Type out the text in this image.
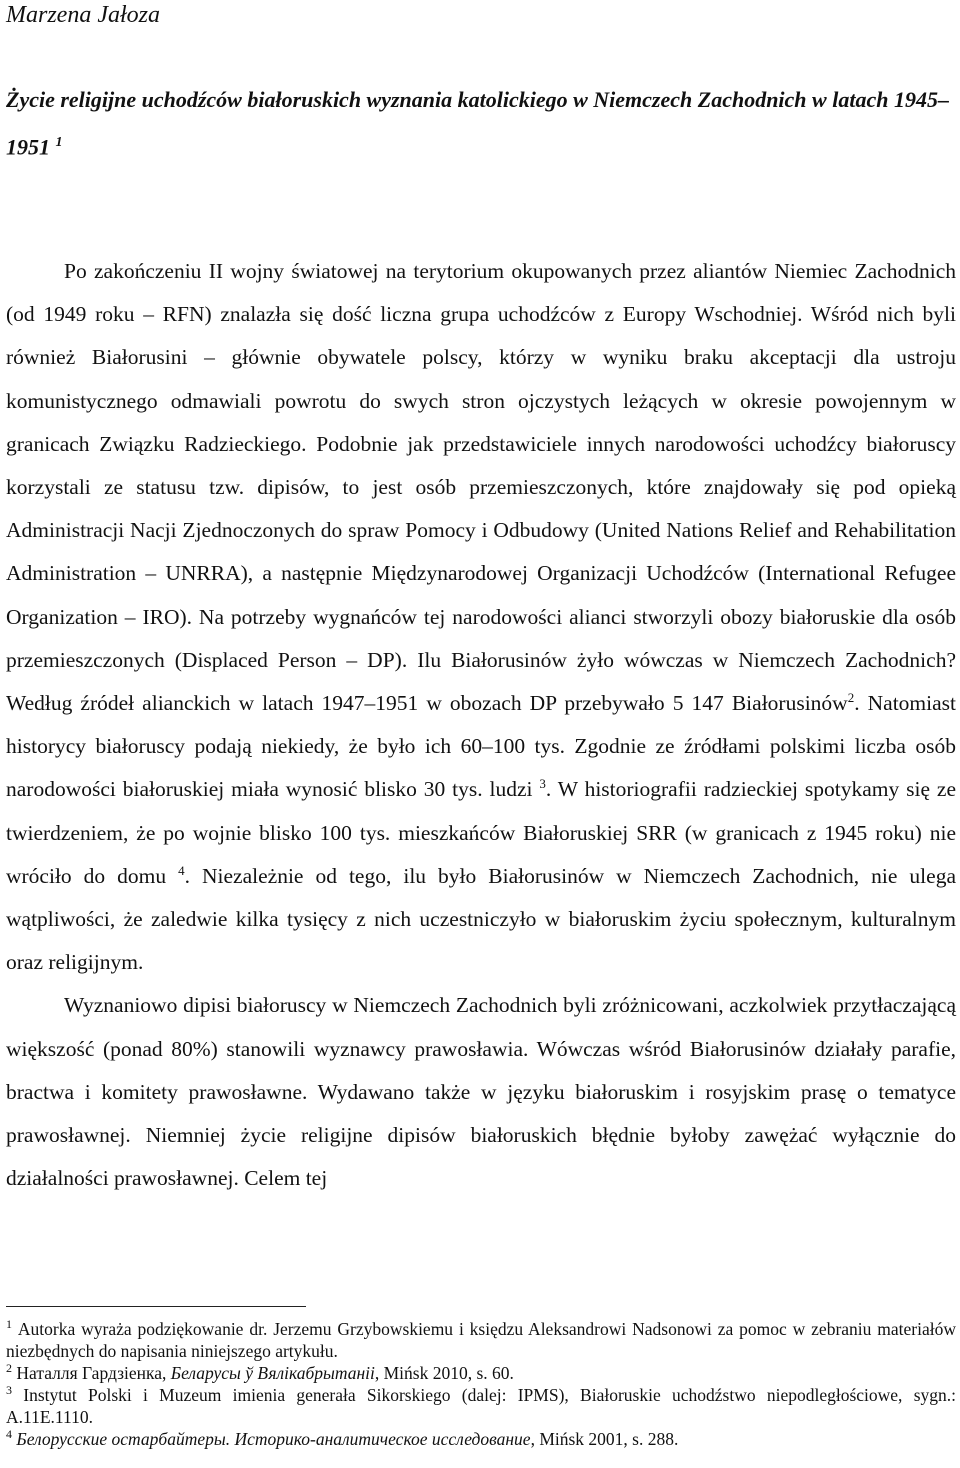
Marzena Jałoza
Życie religijne uchodźców białoruskich wyznania katolickiego w Niemczech Zachodnich w latach 1945–1951 $^1$

Po zakończeniu II wojny światowej na terytorium okupowanych przez aliantów Niemiec Zachodnich (od 1949 roku – RFN) znalazła się dość liczna grupa uchodźców z Europy Wschodniej. Wśród nich byli również Białorusini – głównie obywatele polscy, którzy w wyniku braku akceptacji dla ustroju komunistycznego odmawiali powrotu do swych stron ojczystych leżących w okresie powojennym w granicach Związku Radzieckiego. Podobnie jak przedstawiciele innych narodowości uchodźcy białoruscy korzystali ze statusu tzw. dipisów, to jest osób przemieszczonych, które znajdowały się pod opieką Administracji Nacji Zjednoczonych do spraw Pomocy i Odbudowy (United Nations Relief and Rehabilitation Administration – UNRRA), a następnie Międzynarodowej Organizacji Uchodźców (International Refugee Organization – IRO). Na potrzeby wygnańców tej narodowości alianci stworzyli obozy białoruskie dla osób przemieszczonych (Displaced Person – DP). Ilu Białorusinów żyło wówczas w Niemczech Zachodnich? Według źródeł alianckich w latach 1947–1951 w obozach DP przebywało 5 147 Białorusinów$^2$. Natomiast historycy białoruscy podają niekiedy, że było ich 60–100 tys. Zgodnie ze źródłami polskimi liczba osób narodowości białoruskiej miała wynosić blisko 30 tys. ludzi $^3$. W historiografii radzieckiej spotykamy się ze twierdzeniem, że po wojnie blisko 100 tys. mieszkańców Białoruskiej SRR (w granicach z 1945 roku) nie wróciło do domu $^4$. Niezależnie od tego, ilu było Białorusinów w Niemczech Zachodnich, nie ulega wątpliwości, że zaledwie kilka tysięcy z nich uczestniczyło w białoruskim życiu społecznym, kulturalnym oraz religijnym.

Wyznaniowo dipisi białoruscy w Niemczech Zachodnich byli zróżnicowani, aczkolwiek przytłaczającą większość (ponad 80%) stanowili wyznawcy prawosławia. Wówczas wśród Białorusinów działały parafie, bractwa i komitety prawosławne. Wydawano także w języku białoruskim i rosyjskim prasę o tematyce prawosławnej. Niemniej życie religijne dipisów białoruskich błędnie byłoby zawężać wyłącznie do działalności prawosławnej. Celem tej

$^1$ Autorka wyraża podziękowanie dr. Jerzemu Grzybowskiemu i księdzu Aleksandrowi Nadsonowi za pomoc w zebraniu materiałów niezbędnych do napisania niniejszego artykułu.

$^2$ Наталля Гардзiенка, Беларусы ў Вялiкабрытанii, Mińsk 2010, s. 60.

$^3$ Instytut Polski i Muzeum imienia generała Sikorskiego (dalej: IPMS), Białoruskie uchodźstwo niepodległościowe, sygn.: A.11E.1110.

$^4$ Белорусские остарбайтеры. Историко-аналитическое исследование, Mińsk 2001, s. 288.
